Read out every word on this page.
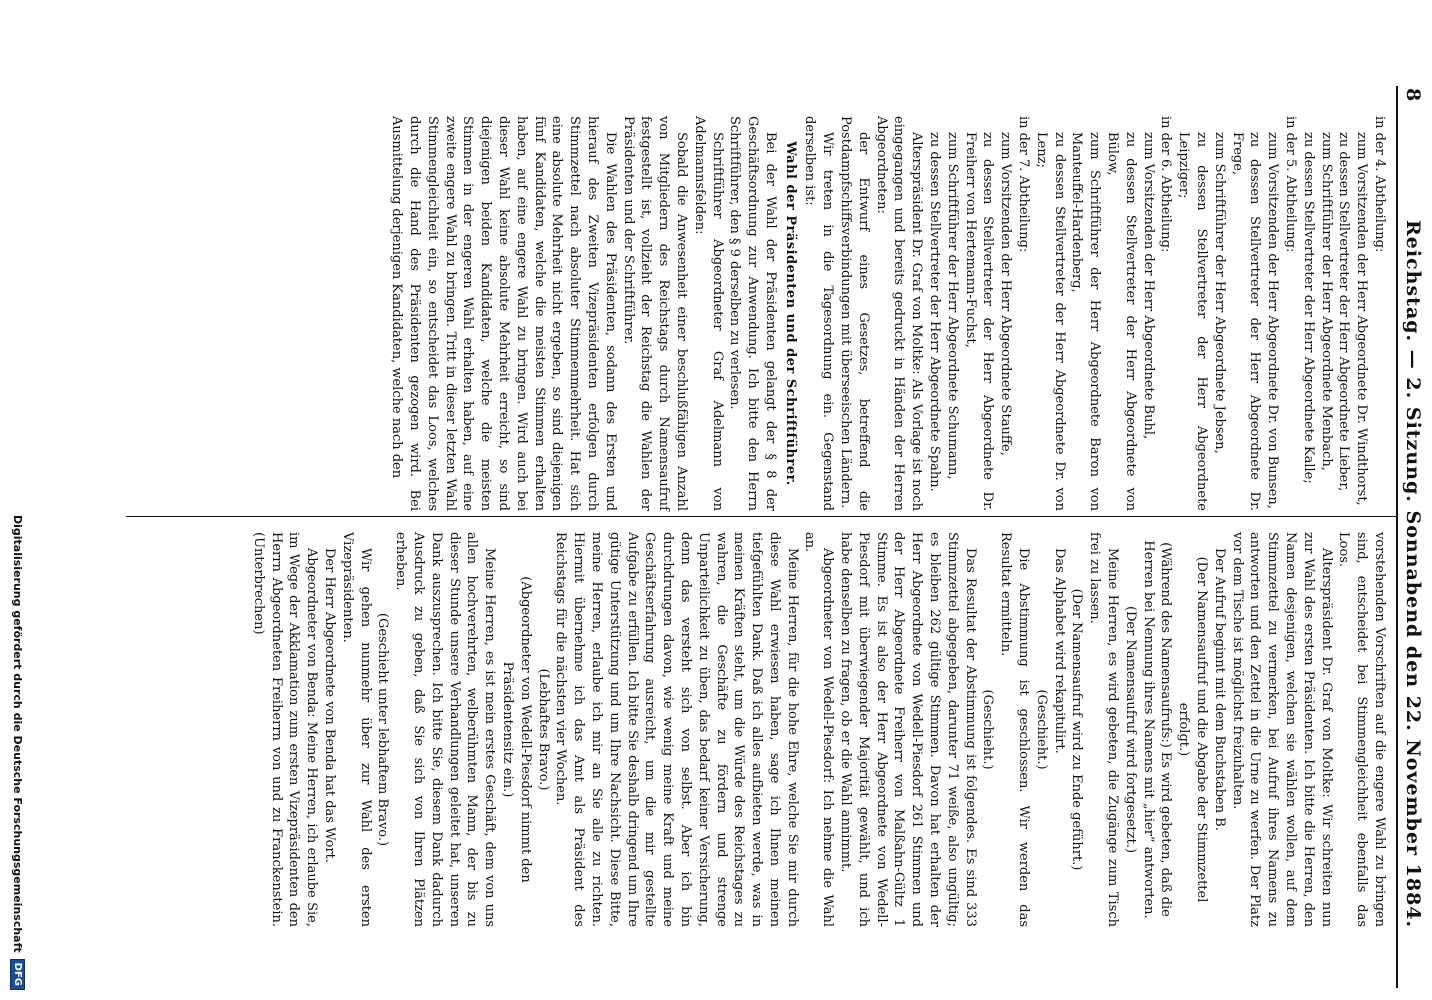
8
Reichstag. — 2. Sitzung. Sonnabend den 22. November 1884.

in der 4. Abtheilung:

zum Vorsitzenden der Herr Abgeordnete Dr. Windthorst,

zu dessen Stellvertreter der Herr Abgeordnete Lieber,

zum Schriftführer der Herr Abgeordnete Menbach,

zu dessen Stellvertreter der Herr Abgeordnete Kalle;

in der 5. Abtheilung:

zum Vorsitzenden der Herr Abgeordnete Dr. von Bunsen,

zu dessen Stellvertreter der Herr Abgeordnete Dr. Frege,

zum Schriftführer der Herr Abgeordnete Jebsen,

zu dessen Stellvertreter der Herr Abgeordnete Leipziger;

in der 6. Abtheilung:

zum Vorsitzenden der Herr Abgeordnete Buhl,

zu dessen Stellvertreter der Herr Abgeordnete von Bülow,

zum Schriftführer der Herr Abgeordnete Baron von Manteuffel-Hardenberg,

zu dessen Stellvertreter der Herr Abgeordnete Dr. von Lenz;

in der 7. Abtheilung:

zum Vorsitzenden der Herr Abgeordnete Stauffe,

zu dessen Stellvertreter der Herr Abgeordnete Dr. Freiherr von Hertemann-Fuchst,

zum Schriftführer der Herr Abgeordnete Schumann,

zu dessen Stellvertreter der Herr Abgeordnete Spahn.

Alterspräsident Dr. Graf von Moltke: Als Vorlage ist noch eingegangen und bereits gedruckt in Händen der Herren Abgeordneten:

der Entwurf eines Gesetzes, betreffend die Postdampfschiffsverbindungen mit überseeischen Ländern.

Wir treten in die Tagesordnung ein. Gegenstand derselben ist:

Wahl der Präsidenten und der Schriftführer.

Bei der Wahl der Präsidenten gelangt der § 8 der Geschäftsordnung zur Anwendung. Ich bitte den Herrn Schriftführer, den § 9 derselben zu verlesen.

Schriftführer Abgeordneter Graf Adelmann von Adelmannsfelden:

Sobald die Anwesenheit einer beschlußfähigen Anzahl von Mitgliedern des Reichstags durch Namensaufruf festgestellt ist, vollzieht der Reichstag die Wahlen der Präsidenten und der Schriftführer.

Die Wahlen des Präsidenten, sodann des Ersten und hierauf des Zweiten Vizepräsidenten erfolgen durch Stimmzettel nach absoluter Stimmenmehrheit. Hat sich eine absolute Mehrheit nicht ergeben, so sind diejenigen fünf Kandidaten, welche die meisten Stimmen erhalten haben, auf eine engere Wahl zu bringen. Wird auch bei dieser Wahl keine absolute Mehrheit erreicht, so sind diejenigen beiden Kandidaten, welche die meisten Stimmen in der engeren Wahl erhalten haben, auf eine zweite engere Wahl zu bringen. Tritt in dieser letzten Wahl Stimmengleichheit ein, so entscheidet das Loos, welches durch die Hand des Präsidenten gezogen wird. Bei Ausmittelung derjenigen Kandidaten, welche nach den

vorstehenden Vorschriften auf die engere Wahl zu bringen sind, entscheidet bei Stimmengleichheit ebenfalls das Loos.

Alterspräsident Dr. Graf von Moltke: Wir schreiten nun zur Wahl des ersten Präsidenten. Ich bitte die Herren, den Namen desjenigen, welchen sie wählen wollen, auf dem Stimmzettel zu vermerken, bei Aufruf ihres Namens zu antworten und den Zettel in die Urne zu werfen. Der Platz vor dem Tische ist möglichst freizuhalten.

Der Aufruf beginnt mit dem Buchstaben B.

(Der Namensaufruf und die Abgabe der Stimmzettel erfolgt.)

(Während des Namensaufrufs:) Es wird gebeten, daß die Herren bei Nennung ihres Namens mit „hier“ antworten.

(Der Namensaufruf wird fortgesetzt.)

Meine Herren, es wird gebeten, die Zugänge zum Tisch frei zu lassen.

(Der Namensaufruf wird zu Ende geführt.)

Das Alphabet wird rekapitulirt.

(Geschieht.)

Die Abstimmung ist geschlossen. Wir werden das Resultat ermitteln.

(Geschieht.)

Das Resultat der Abstimmung ist folgendes. Es sind 333 Stimmzettel abgegeben, darunter 71 weiße, also ungültig; es bleiben 262 gültige Stimmen. Davon hat erhalten der Herr Abgeordnete von Wedell-Piesdorf 261 Stimmen und der Herr Abgeordnete Freiherr von Malßahn-Gültz 1 Stimme. Es ist also der Herr Abgeordnete von Wedell-Piesdorf mit überwiegender Majorität gewählt, und ich habe denselben zu fragen, ob er die Wahl annimmt.

Abgeordneter von Wedell-Piesdorf: Ich nehme die Wahl an.

Meine Herren, für die hohe Ehre, welche Sie mir durch diese Wahl erwiesen haben, sage ich Ihnen meinen tiefgefühlten Dank. Daß ich alles aufbieten werde, was in meinen Kräften steht, um die Würde des Reichstages zu wahren, die Geschäfte zu fördern und strenge Unparteilichkeit zu üben, das bedarf keiner Versicherung, denn das versteht sich von selbst. Aber ich bin durchdrungen davon, wie wenig meine Kraft und meine Geschäftserfahrung ausreicht, um die mir gestellte Aufgabe zu erfüllen. Ich bitte Sie deshalb dringend um Ihre gütige Unterstützung und um Ihre Nachsicht. Diese Bitte, meine Herren, erlaube ich mir an Sie alle zu richten. Hiermit übernehme ich das Amt als Präsident des Reichstags für die nächsten vier Wochen.

(Lebhaftes Bravo.)

(Abgeordneter von Wedell-Piesdorf nimmt den Präsidentensitz ein.)

Meine Herren, es ist mein erstes Geschäft, dem von uns allen hochverehrten, welberühmten Mann, der bis zu dieser Stunde unsere Verhandlungen geleitet hat, unseren Dank auszusprechen. Ich bitte Sie, diesem Dank dadurch Ausdruck zu geben, daß Sie sich von Ihren Plätzen erheben.

(Geschieht unter lebhaftem Bravo.)

Wir gehen nunmehr über zur Wahl des ersten Vizepräsidenten.

Der Herr Abgeordnete von Benda hat das Wort.

Abgeordneter von Benda: Meine Herren, ich erlaube Sie, im Wege der Akklamation zum ersten Vizepräsidenten den Herrn Abgeordneten Freiherrn von und zu Franckenstein. (Unterbrechen)

Digitalisierung gefördert durch die Deutsche Forschungsgemeinschaft
DFG
